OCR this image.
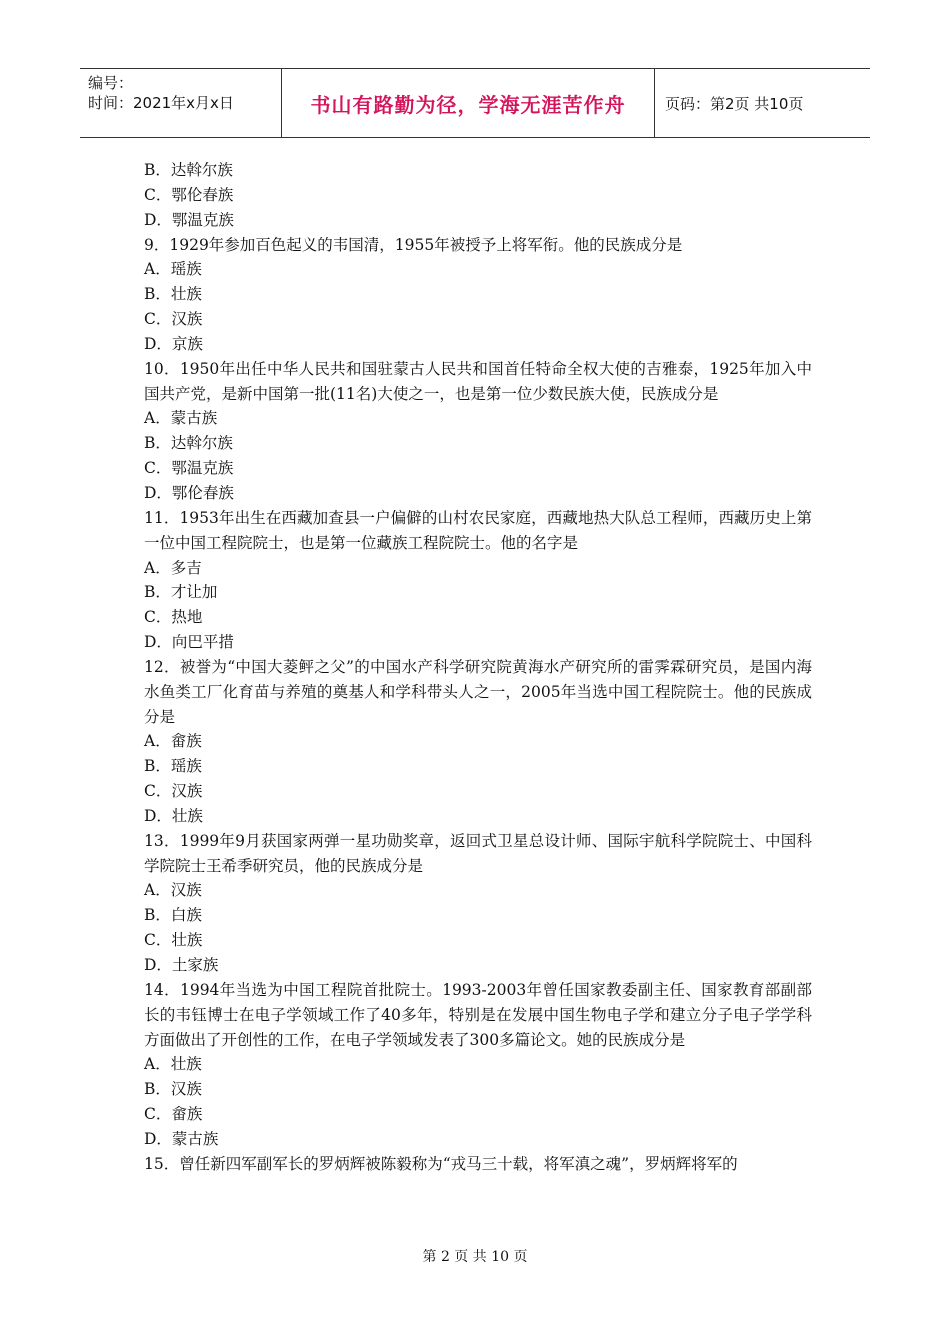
编号：
时间：2021年x月x日	书山有路勤为径，学海无涯苦作舟	页码：第2页 共10页
B．达斡尔族
C．鄂伦春族
D．鄂温克族
9．1929年参加百色起义的韦国清，1955年被授予上将军衔。他的民族成分是
A．瑶族
B．壮族
C．汉族
D．京族
10．1950年出任中华人民共和国驻蒙古人民共和国首任特命全权大使的吉雅泰，1925年加入中国共产党，是新中国第一批(11名)大使之一，也是第一位少数民族大使，民族成分是
A．蒙古族
B．达斡尔族
C．鄂温克族
D．鄂伦春族
11．1953年出生在西藏加查县一户偏僻的山村农民家庭，西藏地热大队总工程师，西藏历史上第一位中国工程院院士，也是第一位藏族工程院院士。他的名字是
A．多吉
B．才让加
C．热地
D．向巴平措
12．被誉为“中国大菱鲆之父”的中国水产科学研究院黄海水产研究所的雷霁霖研究员，是国内海水鱼类工厂化育苗与养殖的奠基人和学科带头人之一，2005年当选中国工程院院士。他的民族成分是
A．畲族
B．瑶族
C．汉族
D．壮族
13．1999年9月获国家两弹一星功勋奖章，返回式卫星总设计师、国际宇航科学院院士、中国科学院院士王希季研究员，他的民族成分是
A．汉族
B．白族
C．壮族
D．土家族
14．1994年当选为中国工程院首批院士。1993-2003年曾任国家教委副主任、国家教育部副部长的韦钰博士在电子学领域工作了40多年，特别是在发展中国生物电子学和建立分子电子学学科方面做出了开创性的工作，在电子学领域发表了300多篇论文。她的民族成分是
A．壮族
B．汉族
C．畲族
D．蒙古族
15．曾任新四军副军长的罗炳辉被陈毅称为“戎马三十载，将军滇之魂”，罗炳辉将军的
第 2 页 共 10 页
